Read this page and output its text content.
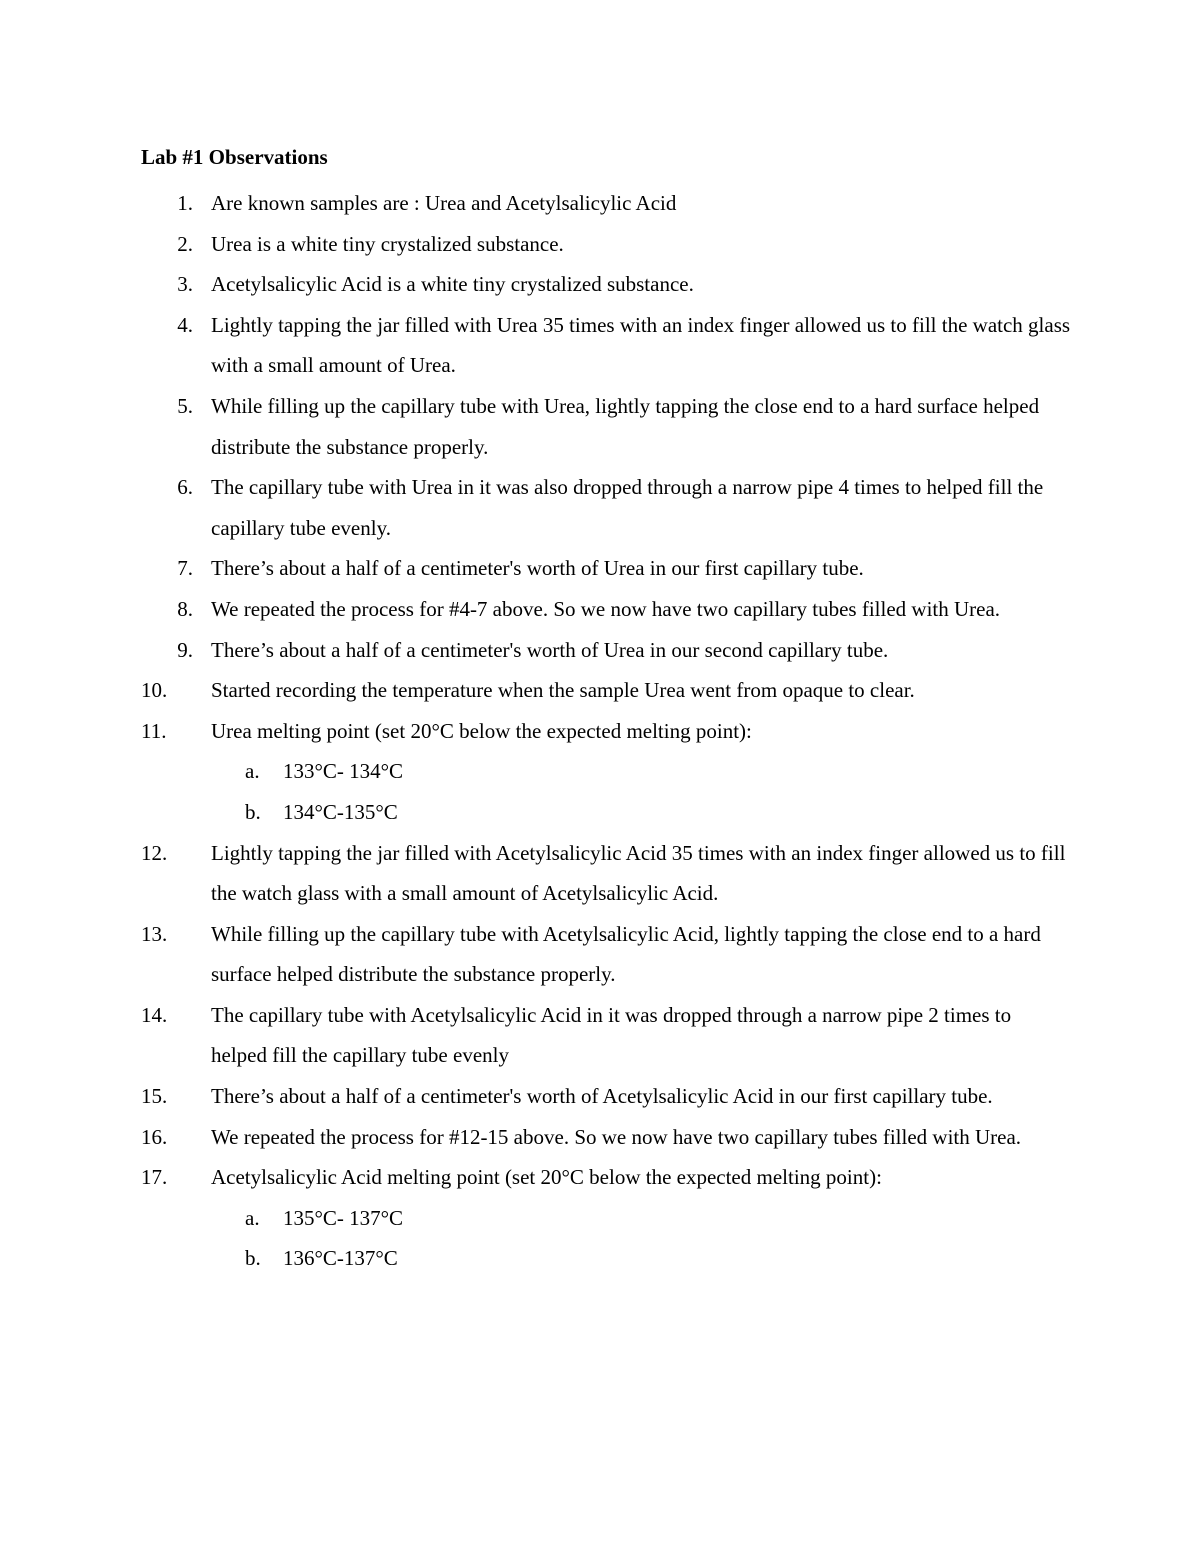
Lab #1 Observations
1. Are known samples are : Urea and Acetylsalicylic Acid
2. Urea is a white tiny crystalized substance.
3. Acetylsalicylic Acid is a white tiny crystalized substance.
4. Lightly tapping the jar filled with Urea 35 times with an index finger allowed us to fill the watch glass with a small amount of Urea.
5. While filling up the capillary tube with Urea, lightly tapping the close end to a hard surface helped distribute the substance properly.
6. The capillary tube with Urea in it was also dropped through a narrow pipe 4 times to helped fill the capillary tube evenly.
7. There’s about a half of a centimeter's worth of Urea in our first capillary tube.
8. We repeated the process for #4-7 above. So we now have two capillary tubes filled with Urea.
9. There’s about a half of a centimeter's worth of Urea in our second capillary tube.
10.	Started recording the temperature when the sample Urea went from opaque to clear.
11.	Urea melting point (set 20°C below the expected melting point):
a. 133°C- 134°C
b. 134°C-135°C
12.	Lightly tapping the jar filled with Acetylsalicylic Acid 35 times with an index finger allowed us to fill the watch glass with a small amount of Acetylsalicylic Acid.
13.	While filling up the capillary tube with Acetylsalicylic Acid, lightly tapping the close end to a hard surface helped distribute the substance properly.
14.	The capillary tube with Acetylsalicylic Acid in it was dropped through a narrow pipe 2 times to helped fill the capillary tube evenly
15.	There’s about a half of a centimeter's worth of Acetylsalicylic Acid in our first capillary tube.
16.	We repeated the process for #12-15 above. So we now have two capillary tubes filled with Urea.
17.	Acetylsalicylic Acid melting point (set 20°C below the expected melting point):
a. 135°C- 137°C
b. 136°C-137°C
